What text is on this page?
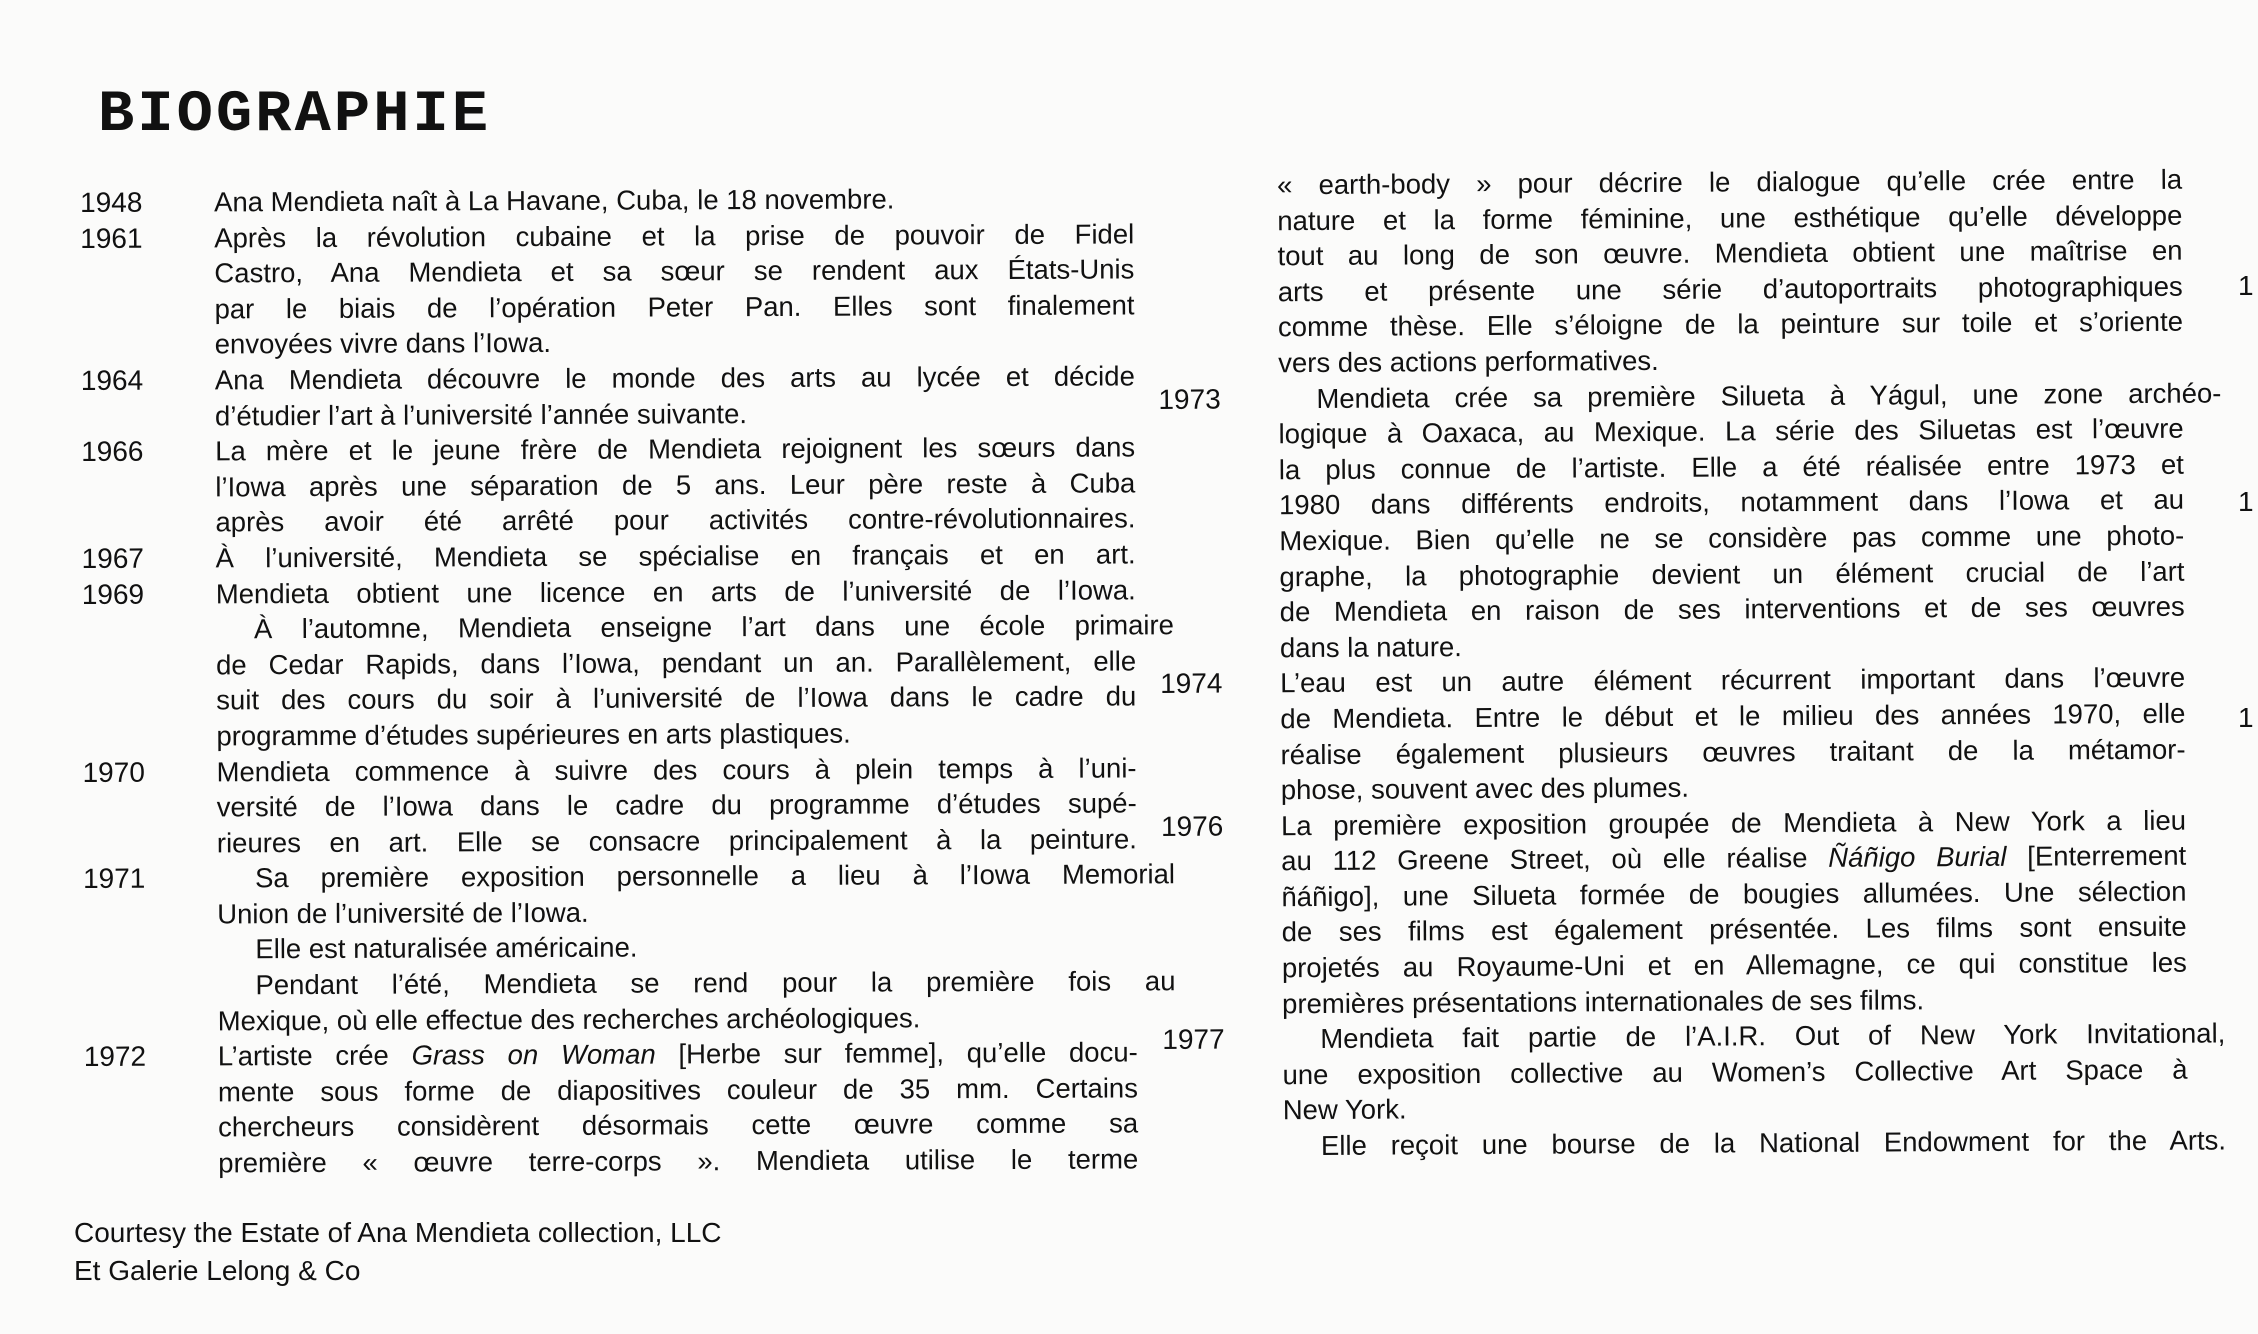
BIOGRAPHIE
1948	Ana Mendieta naît à La Havane, Cuba, le 18 novembre.
1961	Après la révolution cubaine et la prise de pouvoir de Fidel
Castro, Ana Mendieta et sa sœur se rendent aux États-Unis
par le biais de l’opération Peter Pan. Elles sont finalement
envoyées vivre dans l’Iowa.
1964	Ana Mendieta découvre le monde des arts au lycée et décide
d’étudier l’art à l’université l’année suivante.
1966	La mère et le jeune frère de Mendieta rejoignent les sœurs dans
l’Iowa après une séparation de 5 ans. Leur père reste à Cuba
après avoir été arrêté pour activités contre-révolutionnaires.
1967	À l’université, Mendieta se spécialise en français et en art.
1969	Mendieta obtient une licence en arts de l’université de l’Iowa.
À l’automne, Mendieta enseigne l’art dans une école primaire
de Cedar Rapids, dans l’Iowa, pendant un an. Parallèlement, elle
suit des cours du soir à l’université de l’Iowa dans le cadre du
programme d’études supérieures en arts plastiques.
1970	Mendieta commence à suivre des cours à plein temps à l’uni-
versité de l’Iowa dans le cadre du programme d’études supé-
rieures en art. Elle se consacre principalement à la peinture.
1971	Sa première exposition personnelle a lieu à l’Iowa Memorial
Union de l’université de l’Iowa.
Elle est naturalisée américaine.
Pendant l’été, Mendieta se rend pour la première fois au
Mexique, où elle effectue des recherches archéologiques.
1972	L’artiste crée Grass on Woman [Herbe sur femme], qu’elle docu-
mente sous forme de diapositives couleur de 35 mm. Certains
chercheurs considèrent désormais cette œuvre comme sa
première « œuvre terre-corps ». Mendieta utilise le terme
« earth-body » pour décrire le dialogue qu’elle crée entre la
nature et la forme féminine, une esthétique qu’elle développe
tout au long de son œuvre. Mendieta obtient une maîtrise en
arts et présente une série d’autoportraits photographiques
comme thèse. Elle s’éloigne de la peinture sur toile et s’oriente
vers des actions performatives.
1973	Mendieta crée sa première Silueta à Yágul, une zone archéo-
logique à Oaxaca, au Mexique. La série des Siluetas est l’œuvre
la plus connue de l’artiste. Elle a été réalisée entre 1973 et
1980 dans différents endroits, notamment dans l’Iowa et au
Mexique. Bien qu’elle ne se considère pas comme une photo-
graphe, la photographie devient un élément crucial de l’art
de Mendieta en raison de ses interventions et de ses œuvres
dans la nature.
1974	L’eau est un autre élément récurrent important dans l’œuvre
de Mendieta. Entre le début et le milieu des années 1970, elle
réalise également plusieurs œuvres traitant de la métamor-
phose, souvent avec des plumes.
1976	La première exposition groupée de Mendieta à New York a lieu
au 112 Greene Street, où elle réalise Ñáñigo Burial [Enterrement
ñáñigo], une Silueta formée de bougies allumées. Une sélection
de ses films est également présentée. Les films sont ensuite
projetés au Royaume-Uni et en Allemagne, ce qui constitue les
premières présentations internationales de ses films.
1977	Mendieta fait partie de l’A.I.R. Out of New York Invitational,
une exposition collective au Women’s Collective Art Space à
New York.
Elle reçoit une bourse de la National Endowment for the Arts.
1
1
1
Courtesy the Estate of Ana Mendieta collection, LLC
Et Galerie Lelong & Co
